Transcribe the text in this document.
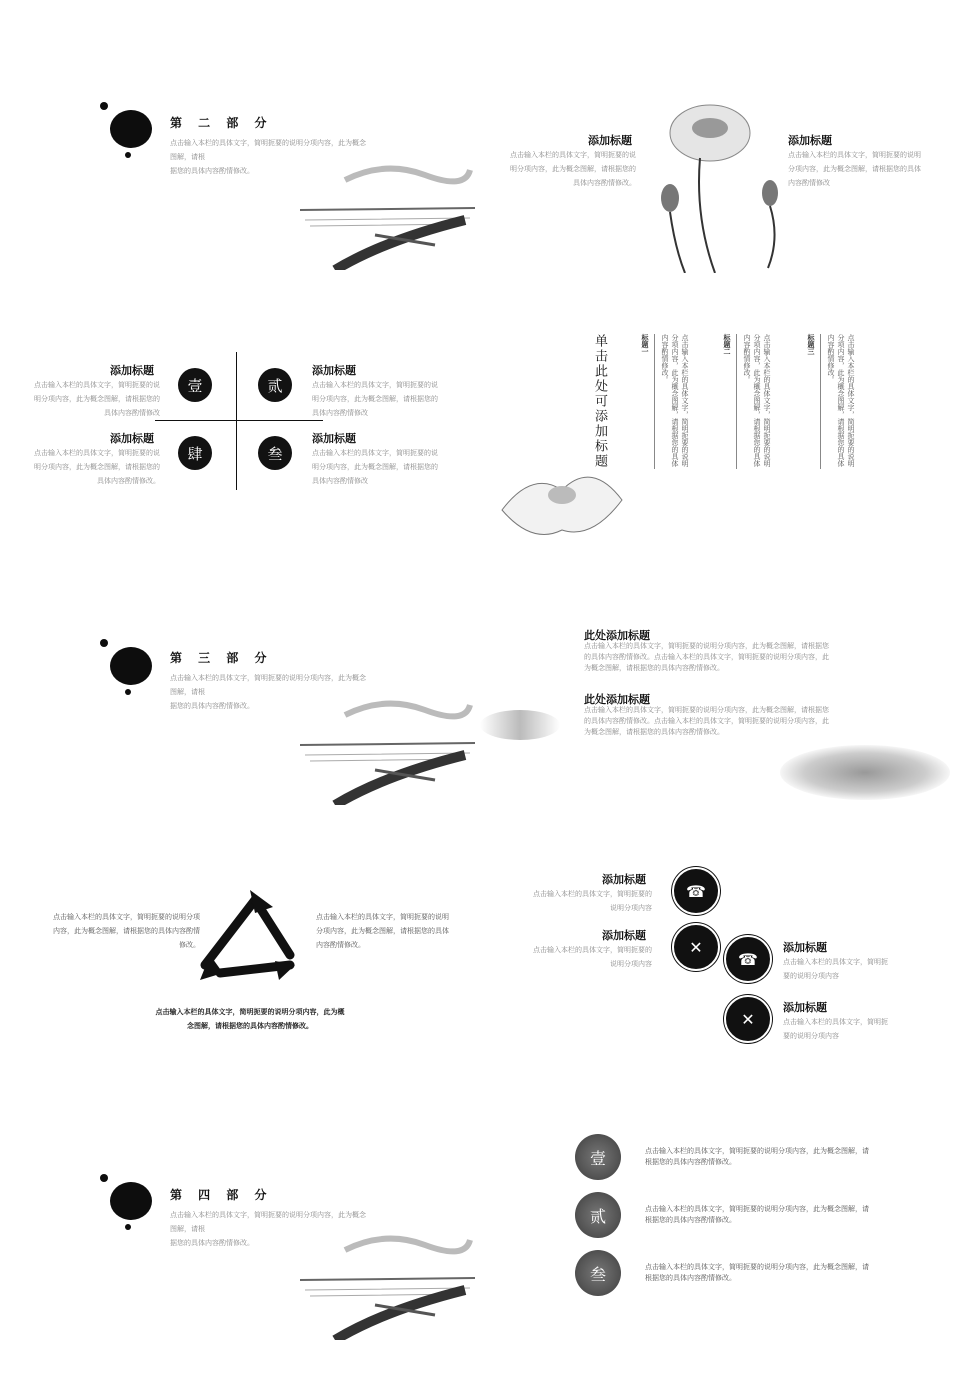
第 二 部 分
点击输入本栏的具体文字，简明扼要的说明分项内容，此为概念图解，请根
据您的具体内容酌情修改。
添加标题
点击输入本栏的具体文字，简明扼要的说明分项内容，此为概念图解，请根据您的具体内容酌情修改。
添加标题
点击输入本栏的具体文字，简明扼要的说明分项内容，此为概念图解，请根据您的具体内容酌情修改
添加标题
点击输入本栏的具体文字，简明扼要的说明分项内容，此为概念图解，请根据您的具体内容酌情修改
壹	贰
添加标题
点击输入本栏的具体文字，简明扼要的说明分项内容，此为概念图解，请根据您的具体内容酌情修改
添加标题
点击输入本栏的具体文字，简明扼要的说明分项内容，此为概念图解，请根据您的具体内容酌情修改。
肆	叁
添加标题
点击输入本栏的具体文字，简明扼要的说明分项内容，此为概念图解，请根据您的具体内容酌情修改
单击此处可添加标题	标题一	点击输入本栏的具体文字，简明扼要的说明分项内容，此为概念图解，请根据您的具体内容酌情修改。	标题二	点击输入本栏的具体文字，简明扼要的说明分项内容，此为概念图解，请根据您的具体内容酌情修改。	标题三	点击输入本栏的具体文字，简明扼要的说明分项内容，此为概念图解，请根据您的具体内容酌情修改。
第 三 部 分
点击输入本栏的具体文字，简明扼要的说明分项内容，此为概念图解，请根
据您的具体内容酌情修改。
此处添加标题
点击输入本栏的具体文字，简明扼要的说明分项内容，此为概念图解，请根据您的具体内容酌情修改。点击输入本栏的具体文字，简明扼要的说明分项内容，此为概念图解，请根据您的具体内容酌情修改。
此处添加标题
点击输入本栏的具体文字，简明扼要的说明分项内容，此为概念图解，请根据您的具体内容酌情修改。点击输入本栏的具体文字，简明扼要的说明分项内容，此为概念图解，请根据您的具体内容酌情修改。
点击输入本栏的具体文字，简明扼要的说明分项内容，此为概念图解，请根据您的具体内容酌情修改。
点击输入本栏的具体文字，简明扼要的说明分项内容，此为概念图解，请根据您的具体内容酌情修改。
点击输入本栏的具体文字，简明扼要的说明分项内容，此为概念图解，请根据您的具体内容酌情修改。
添加标题
点击输入本栏的具体文字，简明扼要的说明分项内容
☎
添加标题
点击输入本栏的具体文字，简明扼要的说明分项内容
✕
☎
添加标题
点击输入本栏的具体文字，简明扼要的说明分项内容
✕
添加标题
点击输入本栏的具体文字，简明扼要的说明分项内容
第 四 部 分
点击输入本栏的具体文字，简明扼要的说明分项内容，此为概念图解，请根
据您的具体内容酌情修改。
壹	点击输入本栏的具体文字，简明扼要的说明分项内容，此为概念图解，请根据您的具体内容酌情修改。
贰	点击输入本栏的具体文字，简明扼要的说明分项内容，此为概念图解，请根据您的具体内容酌情修改。
叁	点击输入本栏的具体文字，简明扼要的说明分项内容，此为概念图解，请根据您的具体内容酌情修改。
